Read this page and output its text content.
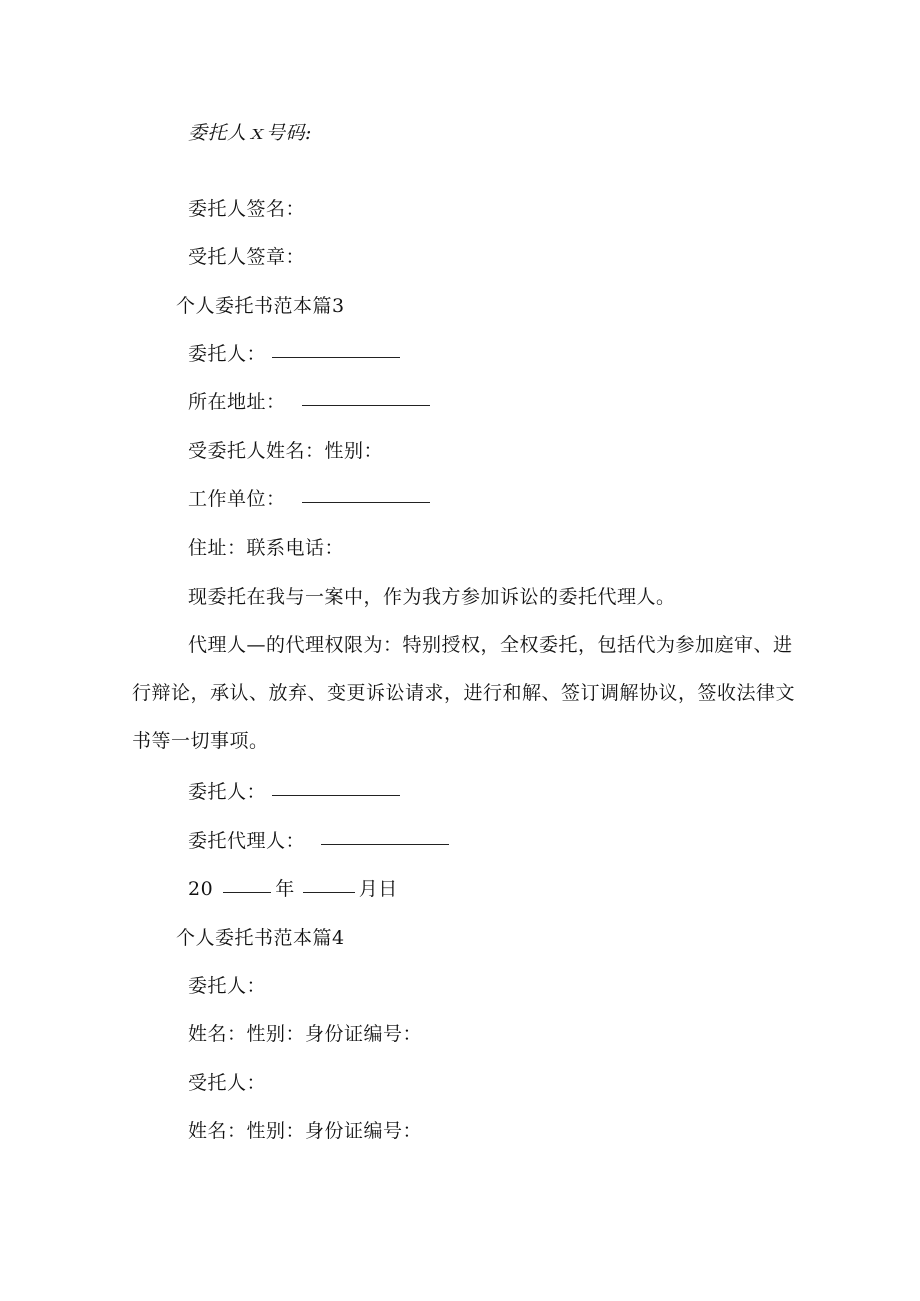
委托人ｘ号码:
委托人签名：
受托人签章：
个人委托书范本篇3
委托人：
所在地址：
受委托人姓名：性别：
工作单位：
住址：联系电话：
现委托在我与一案中，作为我方参加诉讼的委托代理人。
代理人—的代理权限为：特别授权，全权委托，包括代为参加庭审、进行辩论，承认、放弃、变更诉讼请求，进行和解、签订调解协议，签收法律文书等一切事项。
委托人：
委托代理人：
20	年	月日
个人委托书范本篇4
委托人：
姓名：性别：身份证编号：
受托人：
姓名：性别：身份证编号：
